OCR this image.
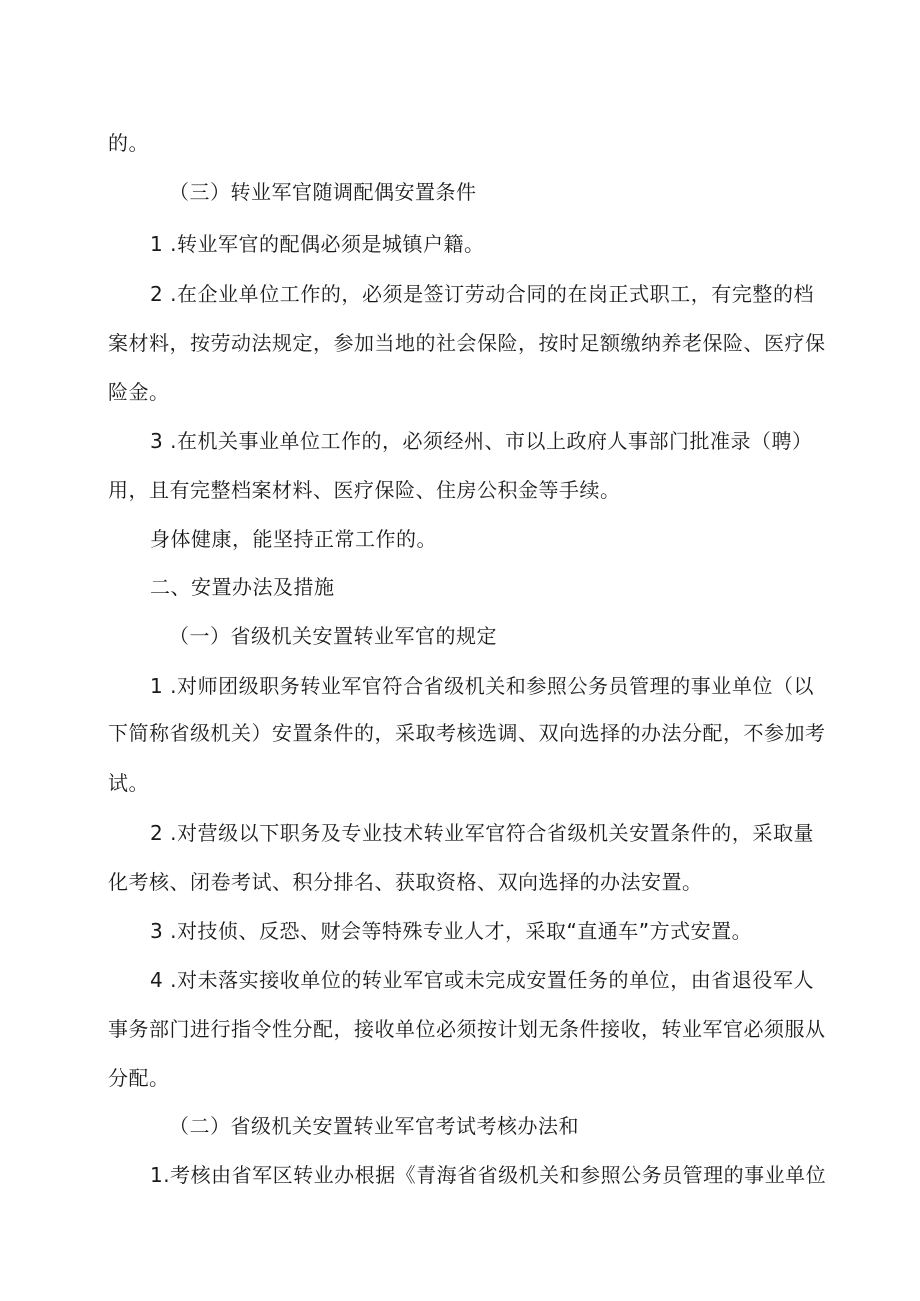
的。
（三）转业军官随调配偶安置条件
1 .转业军官的配偶必须是城镇户籍。
2 .在企业单位工作的，必须是签订劳动合同的在岗正式职工，有完整的档
案材料，按劳动法规定，参加当地的社会保险，按时足额缴纳养老保险、医疗保
险金。
3 .在机关事业单位工作的，必须经州、市以上政府人事部门批准录（聘）
用，且有完整档案材料、医疗保险、住房公积金等手续。
身体健康，能坚持正常工作的。
二、安置办法及措施
（一）省级机关安置转业军官的规定
1 .对师团级职务转业军官符合省级机关和参照公务员管理的事业单位（以
下简称省级机关）安置条件的，采取考核选调、双向选择的办法分配，不参加考
试。
2 .对营级以下职务及专业技术转业军官符合省级机关安置条件的，采取量
化考核、闭卷考试、积分排名、获取资格、双向选择的办法安置。
3 .对技侦、反恐、财会等特殊专业人才，采取“直通车”方式安置。
4 .对未落实接收单位的转业军官或未完成安置任务的单位，由省退役军人
事务部门进行指令性分配，接收单位必须按计划无条件接收，转业军官必须服从
分配。
（二）省级机关安置转业军官考试考核办法和
1.考核由省军区转业办根据《青海省省级机关和参照公务员管理的事业单位
